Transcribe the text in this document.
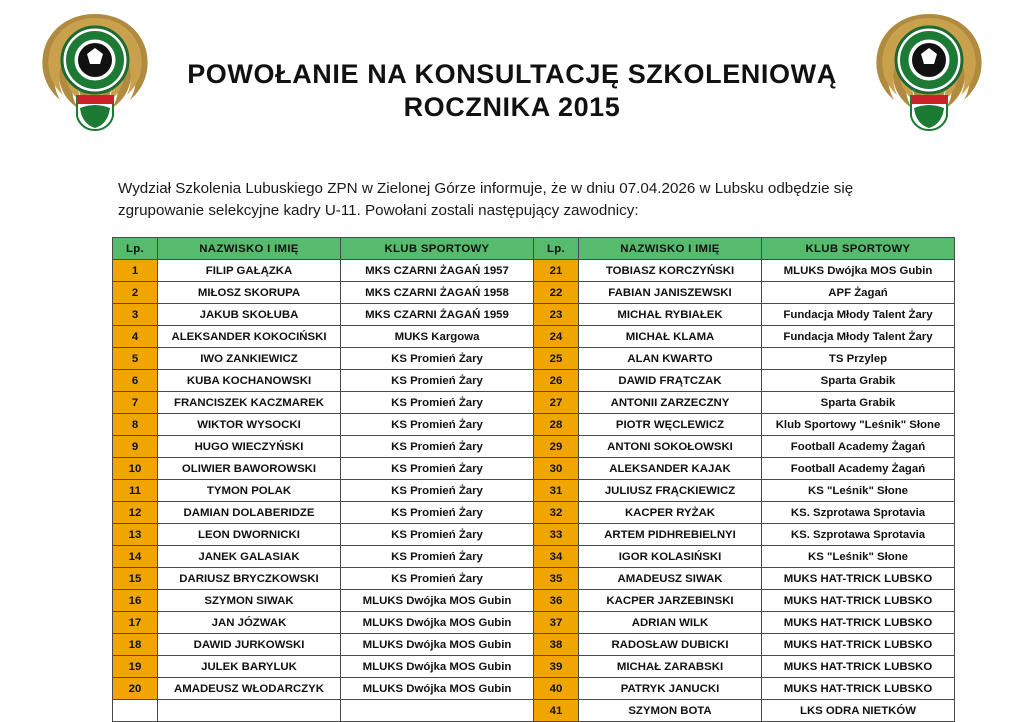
POWOŁANIE NA KONSULTACJĘ SZKOLENIOWĄ
ROCZNIKA 2015
Wydział Szkolenia Lubuskiego ZPN w Zielonej Górze informuje, że w dniu 07.04.2026 w Lubsku odbędzie się zgrupowanie selekcyjne kadry U-11. Powołani zostali następujący zawodnicy:
Lp.	NAZWISKO I IMIĘ	KLUB SPORTOWY	Lp.	NAZWISKO I IMIĘ	KLUB SPORTOWY
1	FILIP GAŁĄZKA	MKS CZARNI ŻAGAŃ 1957	21	TOBIASZ KORCZYŃSKI	MLUKS Dwójka MOS Gubin
2	MIŁOSZ SKORUPA	MKS CZARNI ŻAGAŃ 1958	22	FABIAN JANISZEWSKI	APF Żagań
3	JAKUB SKOŁUBA	MKS CZARNI ŻAGAŃ 1959	23	MICHAŁ RYBIAŁEK	Fundacja Młody Talent Żary
4	ALEKSANDER KOKOCIŃSKI	MUKS Kargowa	24	MICHAŁ KLAMA	Fundacja Młody Talent Żary
5	IWO ZANKIEWICZ	KS Promień Żary	25	ALAN KWARTO	TS Przylep
6	KUBA KOCHANOWSKI	KS Promień Żary	26	DAWID FRĄTCZAK	Sparta Grabik
7	FRANCISZEK KACZMAREK	KS Promień Żary	27	ANTONII ZARZECZNY	Sparta Grabik
8	WIKTOR WYSOCKI	KS Promień Żary	28	PIOTR WĘCLEWICZ	Klub Sportowy "Leśnik" Słone
9	HUGO WIECZYŃSKI	KS Promień Żary	29	ANTONI SOKOŁOWSKI	Football Academy Żagań
10	OLIWIER BAWOROWSKI	KS Promień Żary	30	ALEKSANDER KAJAK	Football Academy Żagań
11	TYMON POLAK	KS Promień Żary	31	JULIUSZ FRĄCKIEWICZ	KS "Leśnik" Słone
12	DAMIAN DOLABERIDZE	KS Promień Żary	32	KACPER RYŻAK	KS. Szprotawa Sprotavia
13	LEON DWORNICKI	KS Promień Żary	33	ARTEM PIDHREBIELNYI	KS. Szprotawa Sprotavia
14	JANEK GALASIAK	KS Promień Żary	34	IGOR KOLASIŃSKI	KS "Leśnik" Słone
15	DARIUSZ BRYCZKOWSKI	KS Promień Żary	35	AMADEUSZ SIWAK	MUKS HAT-TRICK LUBSKO
16	SZYMON SIWAK	MLUKS Dwójka MOS Gubin	36	KACPER JARZEBINSKI	MUKS HAT-TRICK LUBSKO
17	JAN JÓZWAK	MLUKS Dwójka MOS Gubin	37	ADRIAN WILK	MUKS HAT-TRICK LUBSKO
18	DAWID JURKOWSKI	MLUKS Dwójka MOS Gubin	38	RADOSŁAW DUBICKI	MUKS HAT-TRICK LUBSKO
19	JULEK BARYLUK	MLUKS Dwójka MOS Gubin	39	MICHAŁ ZARABSKI	MUKS HAT-TRICK LUBSKO
20	AMADEUSZ WŁODARCZYK	MLUKS Dwójka MOS Gubin	40	PATRYK JANUCKI	MUKS HAT-TRICK LUBSKO
			41	SZYMON BOTA	LKS ODRA NIETKÓW
